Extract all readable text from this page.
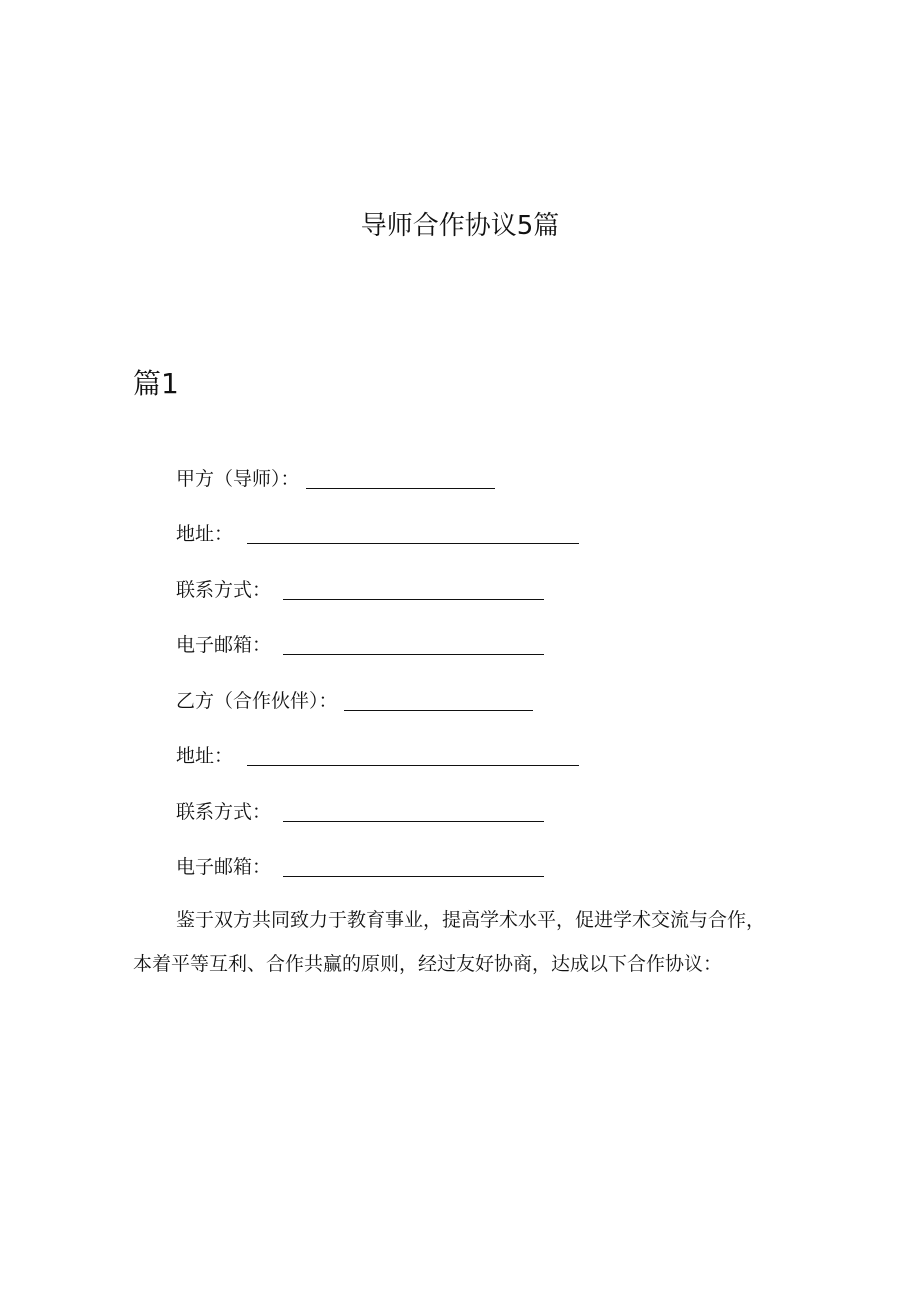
导师合作协议5篇
篇1
甲方（导师）：
地址：
联系方式：
电子邮箱：
乙方（合作伙伴）：
地址：
联系方式：
电子邮箱：
鉴于双方共同致力于教育事业，提高学术水平，促进学术交流与合作，
本着平等互利、合作共赢的原则，经过友好协商，达成以下合作协议：
